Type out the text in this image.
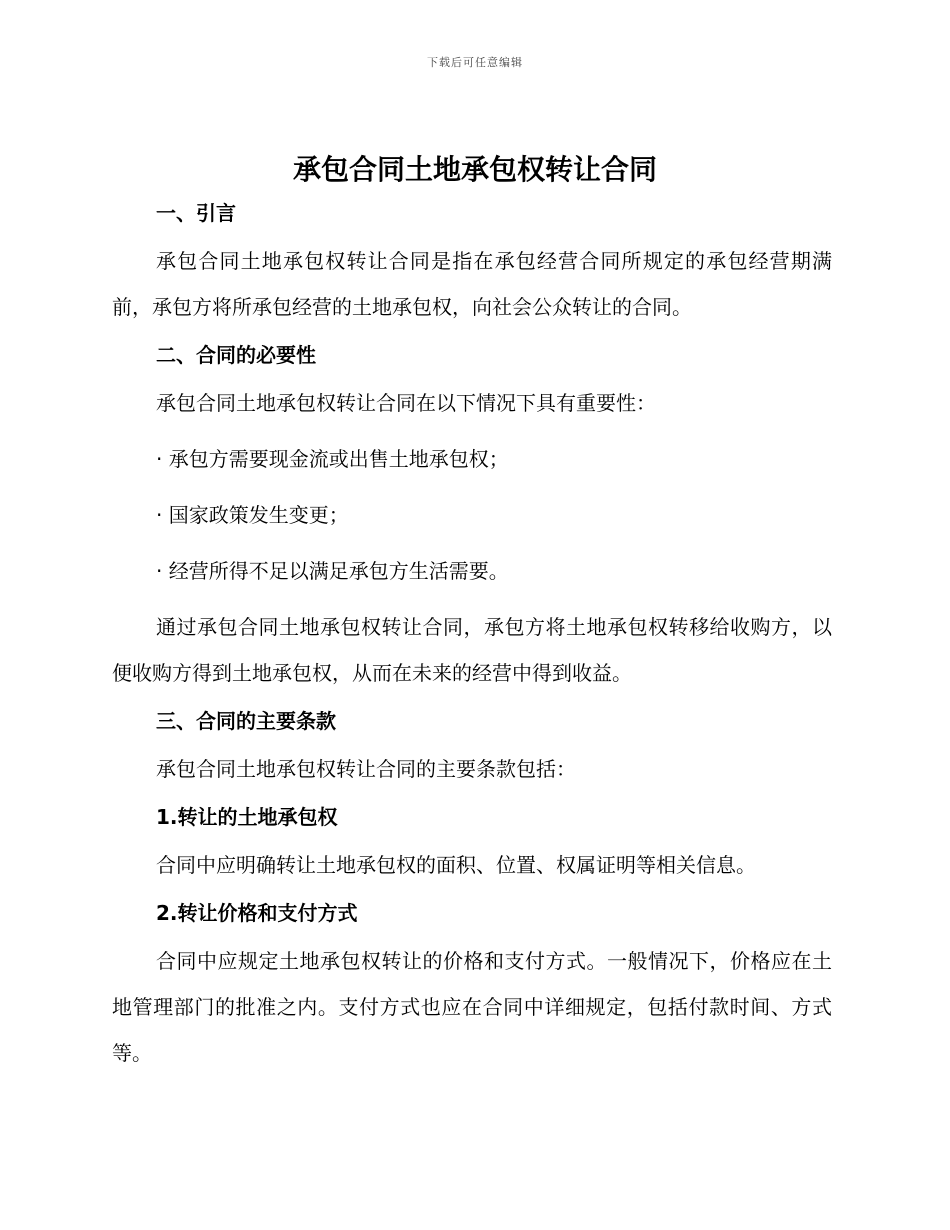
下载后可任意编辑
承包合同土地承包权转让合同
一、引言

承包合同土地承包权转让合同是指在承包经营合同所规定的承包经营期满前，承包方将所承包经营的土地承包权，向社会公众转让的合同。

二、合同的必要性

承包合同土地承包权转让合同在以下情况下具有重要性：

· 承包方需要现金流或出售土地承包权；

· 国家政策发生变更；

· 经营所得不足以满足承包方生活需要。

通过承包合同土地承包权转让合同，承包方将土地承包权转移给收购方，以便收购方得到土地承包权，从而在未来的经营中得到收益。

三、合同的主要条款

承包合同土地承包权转让合同的主要条款包括：

1.转让的土地承包权

合同中应明确转让土地承包权的面积、位置、权属证明等相关信息。

2.转让价格和支付方式

合同中应规定土地承包权转让的价格和支付方式。一般情况下，价格应在土地管理部门的批准之内。支付方式也应在合同中详细规定，包括付款时间、方式等。
